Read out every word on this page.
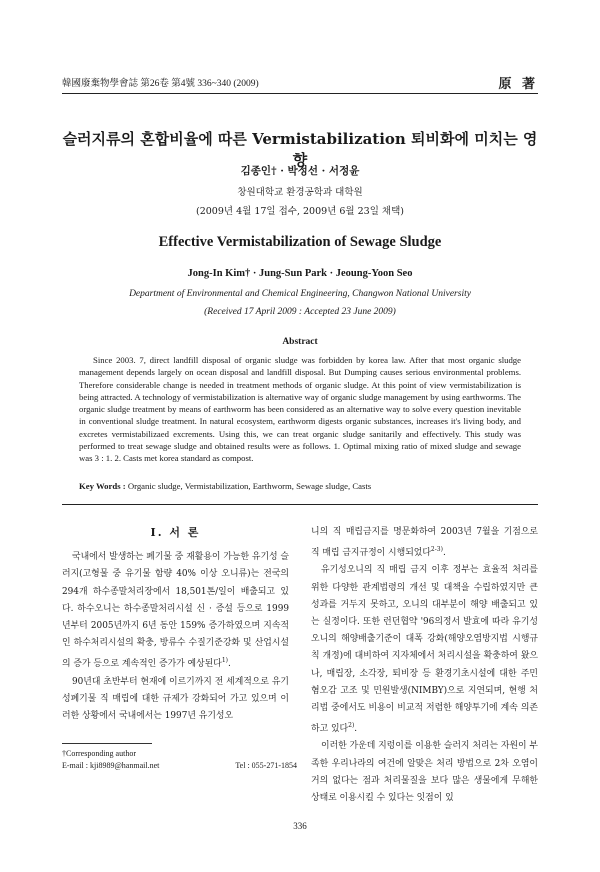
韓國廢棄物學會誌 第26卷 第4號 336~340 (2009)	原 著
슬러지류의 혼합비율에 따른 Vermistabilization 퇴비화에 미치는 영향
김종인† · 박정선 · 서정윤
창원대학교 환경공학과 대학원
(2009년 4월 17일 접수, 2009년 6월 23일 채택)
Effective Vermistabilization of Sewage Sludge
Jong-In Kim† · Jung-Sun Park · Jeoung-Yoon Seo
Department of Environmental and Chemical Engineering, Changwon National University
(Received 17 April 2009 : Accepted 23 June 2009)
Abstract
Since 2003. 7, direct landfill disposal of organic sludge was forbidden by korea law. After that most organic sludge management depends largely on ocean disposal and landfill disposal. But Dumping causes serious environmental problems. Therefore considerable change is needed in treatment methods of organic sludge. At this point of view vermistabilization is being attracted. A technology of vermistabilization is alternative way of organic sludge management by using earthworms. The organic sludge treatment by means of earthworm has been considered as an alternative way to solve every question inevitable in conventional sludge treatment. In natural ecosystem, earthworm digests organic substances, increases it's living body, and excretes vermistabilizaed excrements. Using this, we can treat organic sludge sanitarily and effectively. This study was performed to treat sewage sludge and obtained results were as follows. 1. Optimal mixing ratio of mixed sludge and sewage was 3 : 1. 2. Casts met korea standard as compost.
Key Words : Organic sludge, Vermistabilization, Earthworm, Sewage sludge, Casts
I. 서 론

국내에서 발생하는 폐기물 중 재활용이 가능한 유기성 슬러지(고형물 중 유기물 함량 40% 이상 오니류)는 전국의 294개 하수종말처리장에서 18,501톤/일이 배출되고 있다. 하수오니는 하수종말처리시설 신 · 증설 등으로 1999년부터 2005년까지 6년 동안 159% 증가하였으며 지속적인 하수처리시설의 확충, 방류수 수질기준강화 및 산업시설의 증가 등으로 계속적인 증가가 예상된다$^{1)}$.

90년대 초반부터 현재에 이르기까지 전 세계적으로 유기성폐기물 직 매립에 대한 규제가 강화되어 가고 있으며 이러한 상황에서 국내에서는 1997년 유기성오

니의 직 매립금지를 명문화하여 2003년 7월을 기점으로 직 매립 금지규정이 시행되었다$^{2-3)}$.

유기성오니의 직 매립 금지 이후 정부는 효율적 처리를 위한 다양한 관계법령의 개선 및 대책을 수립하였지만 큰 성과를 거두지 못하고, 오니의 대부분이 해양 배출되고 있는 실정이다. 또한 런던협약 '96의정서 발효에 따라 유기성오니의 해양배출기준이 대폭 강화(해양오염방지법 시행규칙 개정)에 대비하여 지자체에서 처리시설을 확충하여 왔으나, 매립장, 소각장, 퇴비장 등 환경기초시설에 대한 주민 혐오감 고조 및 민원발생(NIMBY)으로 지연되며, 현행 처리법 중에서도 비용이 비교적 저렴한 해양투기에 계속 의존하고 있다$^{2)}$.

이러한 가운데 지렁이를 이용한 슬러지 처리는 자원이 부족한 우리나라의 여건에 알맞은 처리 방법으로 2차 오염이 거의 없다는 점과 처리물질을 보다 많은 생물에게 무해한 상태로 이용시킬 수 있다는 잇점이 있

†Corresponding author
E-mail : kji8989@hanmail.net	Tel : 055-271-1854
336
